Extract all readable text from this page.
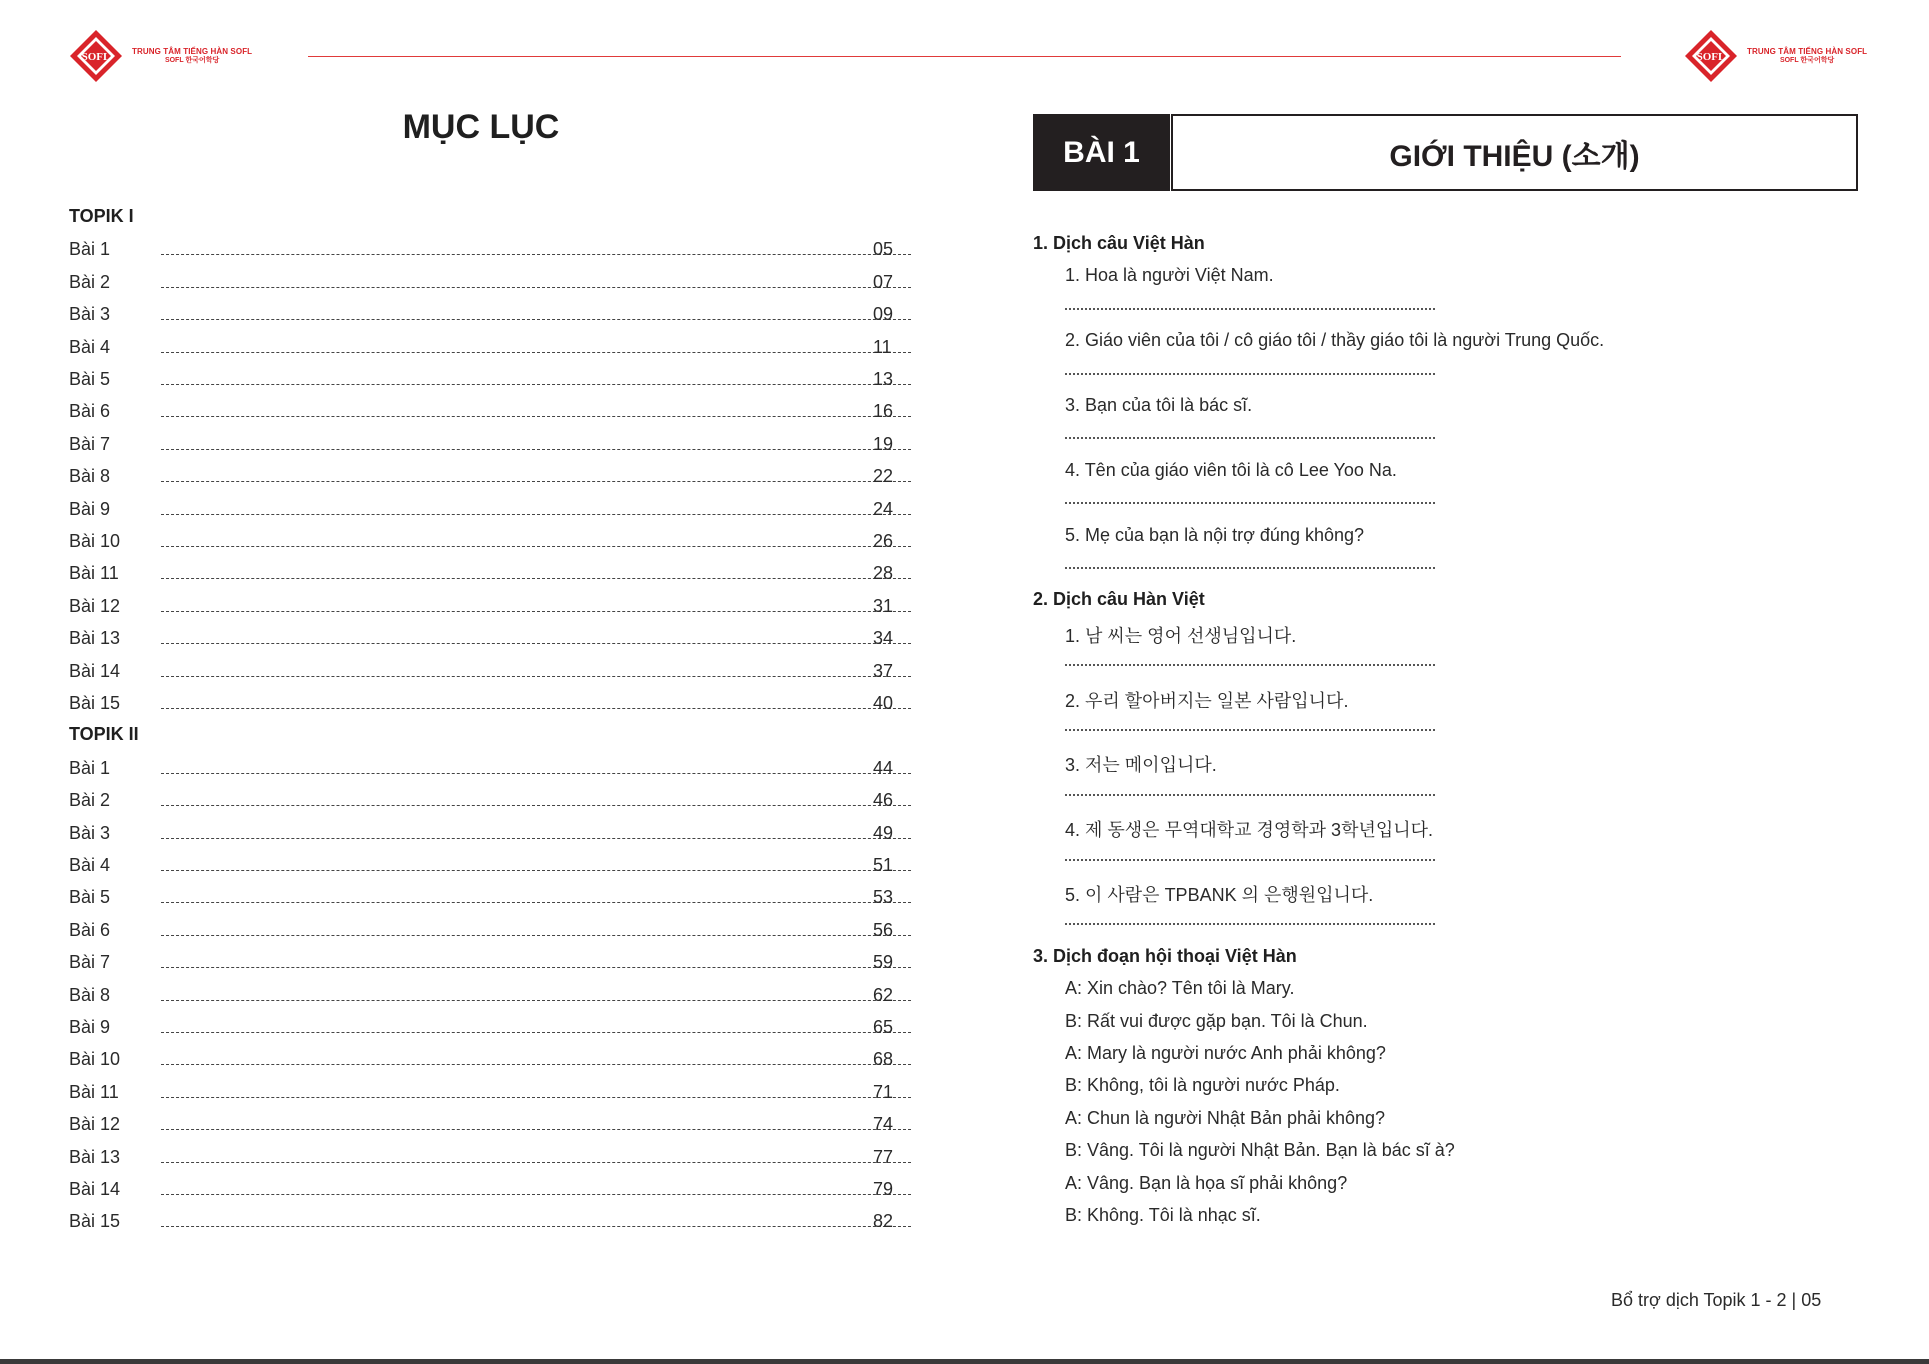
SOFL	TRUNG TÂM TIẾNG HÀN SOFL
SOFL 한국어학당	SOFL	TRUNG TÂM TIẾNG HÀN SOFL
SOFL 한국어학당
MỤC LỤC
TOPIK I
Bài 1	05
Bài 2	07
Bài 3	09
Bài 4	11
Bài 5	13
Bài 6	16
Bài 7	19
Bài 8	22
Bài 9	24
Bài 10	26
Bài 11	28
Bài 12	31
Bài 13	34
Bài 14	37
Bài 15	40
TOPIK II
Bài 1	44
Bài 2	46
Bài 3	49
Bài 4	51
Bài 5	53
Bài 6	56
Bài 7	59
Bài 8	62
Bài 9	65
Bài 10	68
Bài 11	71
Bài 12	74
Bài 13	77
Bài 14	79
Bài 15	82
BÀI 1	GIỚI THIỆU (소개)
1. Dịch câu Việt Hàn
1. Hoa là người Việt Nam.
2. Giáo viên của tôi / cô giáo tôi / thầy giáo tôi là người Trung Quốc.
3. Bạn của tôi là bác sĩ.
4. Tên của giáo viên tôi là cô Lee Yoo Na.
5. Mẹ của bạn là nội trợ đúng không?
2. Dịch câu Hàn Việt
1. 남 씨는 영어 선생님입니다.
2. 우리 할아버지는 일본 사람입니다.
3. 저는 메이입니다.
4. 제 동생은 무역대학교 경영학과 3학년입니다.
5. 이 사람은 TPBANK 의 은행원입니다.
3. Dịch đoạn hội thoại Việt Hàn
A: Xin chào? Tên tôi là Mary.
B: Rất vui được gặp bạn. Tôi là Chun.
A: Mary là người nước Anh phải không?
B: Không, tôi là người nước Pháp.
A: Chun là người Nhật Bản phải không?
B: Vâng. Tôi là người Nhật Bản. Bạn là bác sĩ à?
A: Vâng. Bạn là họa sĩ phải không?
B: Không. Tôi là nhạc sĩ.
Bổ trợ dịch Topik 1 - 2 | 05
